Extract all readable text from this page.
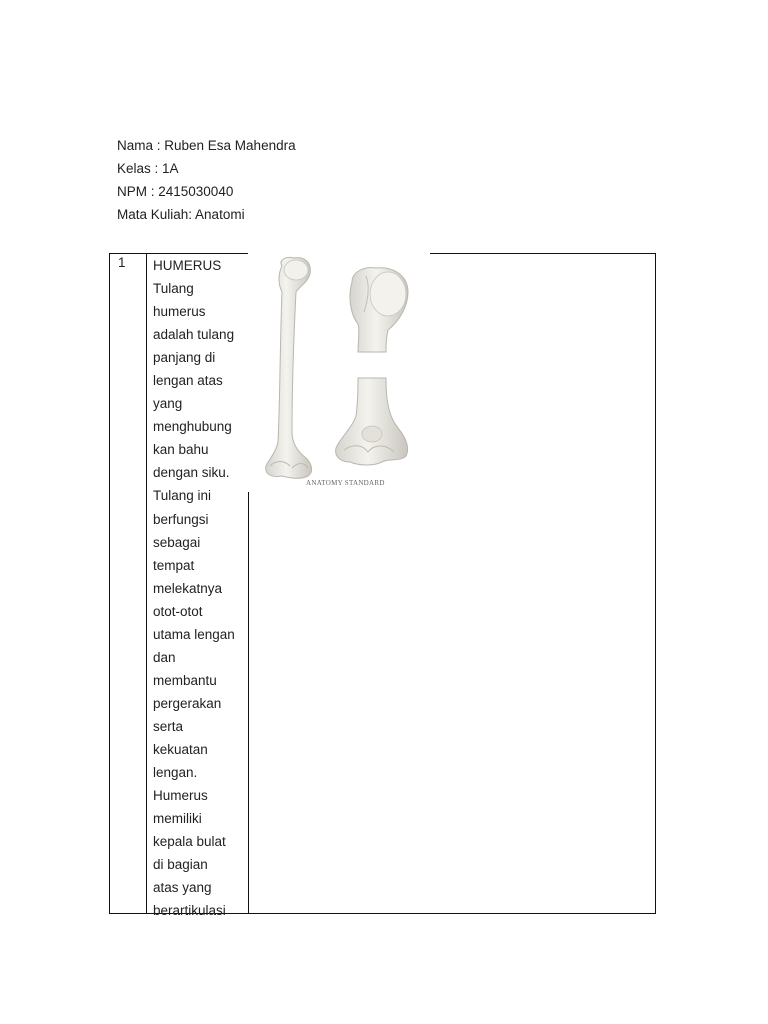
Nama : Ruben Esa Mahendra
Kelas : 1A
NPM : 2415030040
Mata Kuliah: Anatomi
1 HUMERUS
Tulang
humerus
adalah tulang
panjang di
lengan atas
yang
menghubung
kan bahu
dengan siku.
Tulang ini
berfungsi
sebagai
tempat
melekatnya
otot-otot
utama lengan
dan
membantu
pergerakan
serta
kekuatan
lengan.
Humerus
memiliki
kepala bulat
di bagian
atas yang
berartikulasi
ANATOMY STANDARD
